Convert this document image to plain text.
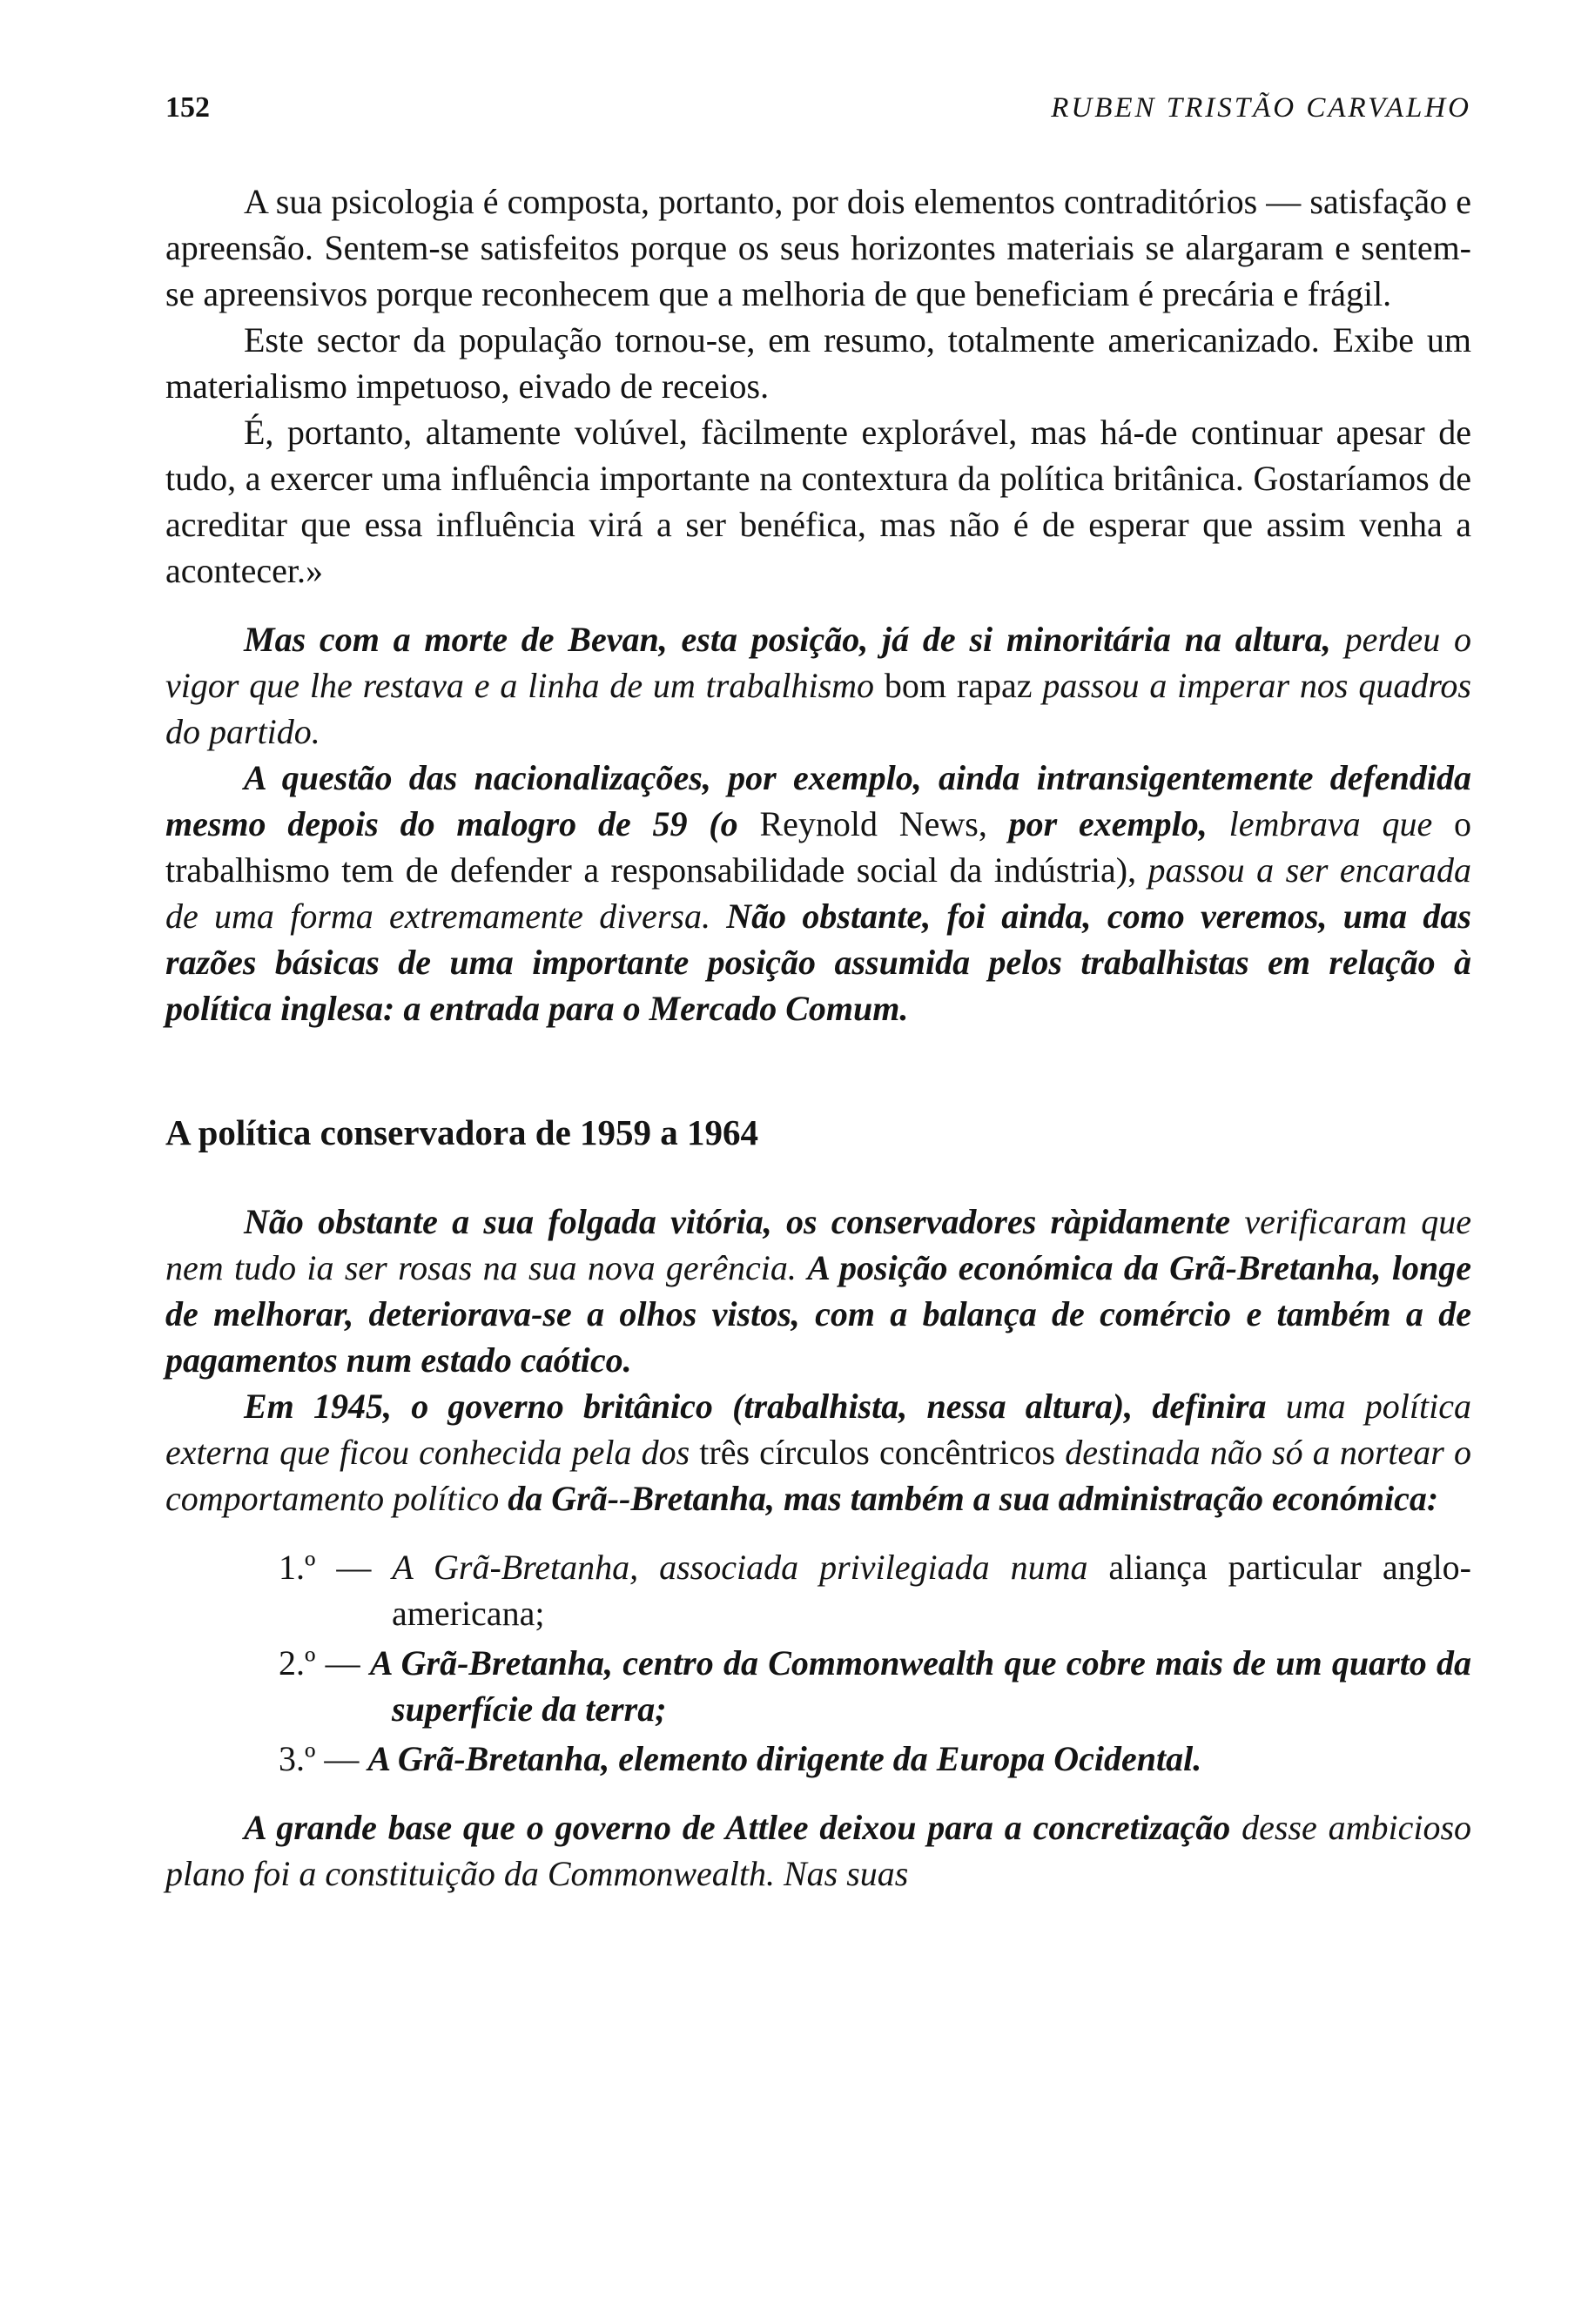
152	RUBEN TRISTÃO CARVALHO

A sua psicologia é composta, portanto, por dois elementos contraditórios — satisfação e apreensão. Sentem-se satisfeitos porque os seus horizontes materiais se alargaram e sentem-se apreensivos porque reconhecem que a melhoria de que beneficiam é precária e frágil.

Este sector da população tornou-se, em resumo, totalmente americanizado. Exibe um materialismo impetuoso, eivado de receios.

É, portanto, altamente volúvel, fàcilmente explorável, mas há-de continuar apesar de tudo, a exercer uma influência importante na contextura da política britânica. Gostaríamos de acreditar que essa influência virá a ser benéfica, mas não é de esperar que assim venha a acontecer.»

Mas com a morte de Bevan, esta posição, já de si minoritária na altura, perdeu o vigor que lhe restava e a linha de um trabalhismo bom rapaz passou a imperar nos quadros do partido.

A questão das nacionalizações, por exemplo, ainda intransigentemente defendida mesmo depois do malogro de 59 (o Reynold News, por exemplo, lembrava que o trabalhismo tem de defender a responsabilidade social da indústria), passou a ser encarada de uma forma extremamente diversa. Não obstante, foi ainda, como veremos, uma das razões básicas de uma importante posição assumida pelos trabalhistas em relação à política inglesa: a entrada para o Mercado Comum.

A política conservadora de 1959 a 1964

Não obstante a sua folgada vitória, os conservadores ràpidamente verificaram que nem tudo ia ser rosas na sua nova gerência. A posição económica da Grã-Bretanha, longe de melhorar, deteriorava-se a olhos vistos, com a balança de comércio e também a de pagamentos num estado caótico.

Em 1945, o governo britânico (trabalhista, nessa altura), definira uma política externa que ficou conhecida pela dos três círculos concêntricos destinada não só a nortear o comportamento político da Grã--Bretanha, mas também a sua administração económica:

1.º — A Grã-Bretanha, associada privilegiada numa aliança particular anglo-americana;
2.º — A Grã-Bretanha, centro da Commonwealth que cobre mais de um quarto da superfície da terra;
3.º — A Grã-Bretanha, elemento dirigente da Europa Ocidental.

A grande base que o governo de Attlee deixou para a concretização desse ambicioso plano foi a constituição da Commonwealth. Nas suas
